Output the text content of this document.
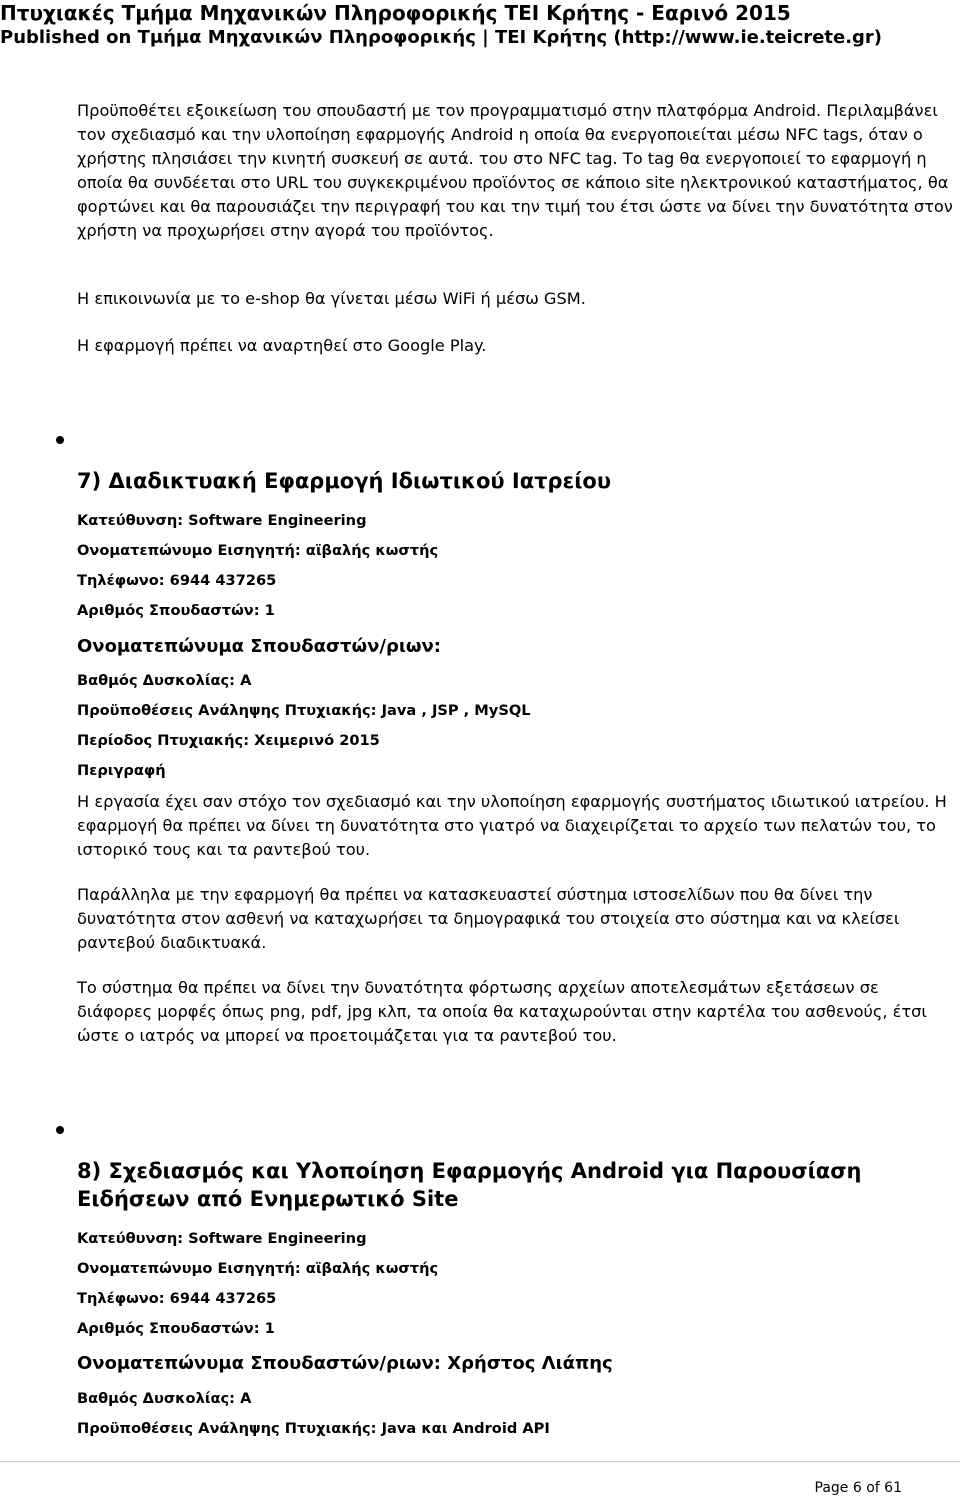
Πτυχιακές Τμήμα Μηχανικών Πληροφορικής ΤΕΙ Κρήτης - Εαρινό 2015
Published on Τμήμα Μηχανικών Πληροφορικής | ΤΕΙ Κρήτης (http://www.ie.teicrete.gr)

Προϋποθέτει εξοικείωση του σπουδαστή με τον προγραμματισμό στην πλατφόρμα Android. Περιλαμβάνει τον σχεδιασμό και την υλοποίηση εφαρμογής Android η οποία θα ενεργοποιείται μέσω NFC tags, όταν ο χρήστης πλησιάσει την κινητή συσκευή σε αυτά. του στο NFC tag. Το tag θα ενεργοποιεί το εφαρμογή η οποία θα συνδέεται στο URL του συγκεκριμένου προϊόντος σε κάποιο site ηλεκτρονικού καταστήματος, θα φορτώνει και θα παρουσιάζει την περιγραφή του και την τιμή του έτσι ώστε να δίνει την δυνατότητα στον χρήστη να προχωρήσει στην αγορά του προϊόντος.

Η επικοινωνία με το e-shop θα γίνεται μέσω WiFi ή μέσω GSM.

Η εφαρμογή πρέπει να αναρτηθεί στο Google Play.

7) Διαδικτυακή Εφαρμογή Ιδιωτικού Ιατρείου
Κατεύθυνση: Software Engineering
Ονοματεπώνυμο Εισηγητή: αϊβαλής κωστής
Τηλέφωνο: 6944 437265
Αριθμός Σπουδαστών: 1
Ονοματεπώνυμα Σπουδαστών/ριων:
Βαθμός Δυσκολίας: A
Προϋποθέσεις Ανάληψης Πτυχιακής: Java , JSP , MySQL
Περίοδος Πτυχιακής: Χειμερινό 2015
Περιγραφή

Η εργασία έχει σαν στόχο τον σχεδιασμό και την υλοποίηση εφαρμογής συστήματος ιδιωτικού ιατρείου. Η εφαρμογή θα πρέπει να δίνει τη δυνατότητα στο γιατρό να διαχειρίζεται το αρχείο των πελατών του, το ιστορικό τους και τα ραντεβού του.

Παράλληλα με την εφαρμογή θα πρέπει να κατασκευαστεί σύστημα ιστοσελίδων που θα δίνει την δυνατότητα στον ασθενή να καταχωρήσει τα δημογραφικά του στοιχεία στο σύστημα και να κλείσει ραντεβού διαδικτυακά.

Το σύστημα θα πρέπει να δίνει την δυνατότητα φόρτωσης αρχείων αποτελεσμάτων εξετάσεων σε διάφορες μορφές όπως png, pdf, jpg κλπ, τα οποία θα καταχωρούνται στην καρτέλα του ασθενούς, έτσι ώστε ο ιατρός να μπορεί να προετοιμάζεται για τα ραντεβού του.

8) Σχεδιασμός και Υλοποίηση Εφαρμογής Android για Παρουσίαση Ειδήσεων από Ενημερωτικό Site
Κατεύθυνση: Software Engineering
Ονοματεπώνυμο Εισηγητή: αϊβαλής κωστής
Τηλέφωνο: 6944 437265
Αριθμός Σπουδαστών: 1
Ονοματεπώνυμα Σπουδαστών/ριων: Χρήστος Λιάπης
Βαθμός Δυσκολίας: A
Προϋποθέσεις Ανάληψης Πτυχιακής: Java και Android API
Page 6 of 61
